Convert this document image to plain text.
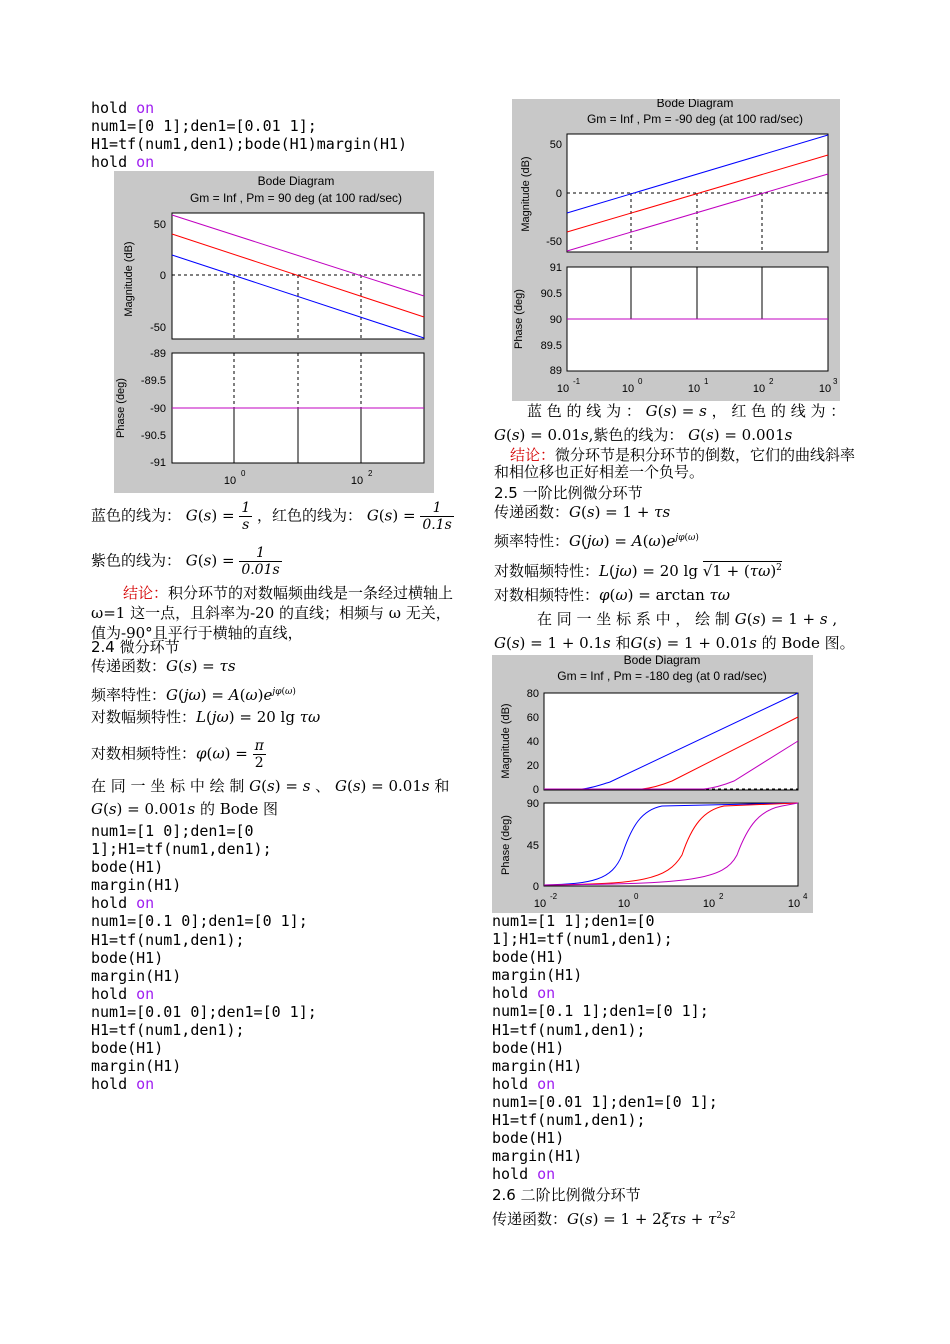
hold on
num1=[0 1];den1=[0.01 1];
H1=tf(num1,den1);bode(H1)margin(H1)
hold on
Bode Diagram
Gm = Inf , Pm = 90 deg (at 100 rad/sec)
50
0
-50
Magnitude (dB)
-89
-89.5
-90
-90.5
-91
Phase (deg)
10
0
10
2
蓝色的线为： $G(s) = \frac{1}{s}$ ，红色的线为： $G(s) = \frac{1}{0.1s}$
紫色的线为： $G(s) = \frac{1}{0.01s}$
结论：积分环节的对数幅频曲线是一条经过横轴上 ω=1 这一点，且斜率为-20 的直线；相频与 ω 无关，值为-90°且平行于横轴的直线，
2.4 微分环节
传递函数：G(s) = τs
频率特性：$G(j\omega) = A(\omega)e^{j\varphi(\omega)}$
对数幅频特性：L(jω) = 20 lg τω
对数相频特性：$\varphi(\omega) = \frac{\pi}{2}$
在 同 一 坐 标 中 绘 制 G(s) = s 、 G(s) = 0.01s 和
G(s) = 0.001s 的 Bode 图
num1=[1 0];den1=[0
1];H1=tf(num1,den1);
bode(H1)
margin(H1)
hold on
num1=[0.1 0];den1=[0 1];
H1=tf(num1,den1);
bode(H1)
margin(H1)
hold on
num1=[0.01 0];den1=[0 1];
H1=tf(num1,den1);
bode(H1)
margin(H1)
hold on
Bode Diagram
Gm = Inf , Pm = -90 deg (at 100 rad/sec)
50
0
-50
Magnitude (dB)
91
90.5
90
89.5
89
Phase (deg)
10
-1
10
0
10
1
10
2
10
3
蓝 色 的 线 为 ： G(s) = s ， 红 色 的 线 为 ：
G(s) = 0.01s,紫色的线为： G(s) = 0.001s
结论：微分环节是积分环节的倒数，它们的曲线斜率和相位移也正好相差一个负号。
2.5 一阶比例微分环节
传递函数：G(s) = 1 + τs
频率特性：$G(j\omega) = A(\omega)e^{j\varphi(\omega)}$
对数幅频特性：L(jω) = 20 $\lg √1 + (\tau\omega)^2$
对数相频特性：φ(ω) = arctan τω
在 同 一 坐 标 系 中 ， 绘 制 G(s) = 1 + s ,
G(s) = 1 + 0.1s 和G(s) = 1 + 0.01s 的 Bode 图。
Bode Diagram
Gm = Inf , Pm = -180 deg (at 0 rad/sec)
80
60
40
20
0
Magnitude (dB)
90
45
0
Phase (deg)
10
-2
10
0
10
2
10
4
num1=[1 1];den1=[0
1];H1=tf(num1,den1);
bode(H1)
margin(H1)
hold on
num1=[0.1 1];den1=[0 1];
H1=tf(num1,den1);
bode(H1)
margin(H1)
hold on
num1=[0.01 1];den1=[0 1];
H1=tf(num1,den1);
bode(H1)
margin(H1)
hold on
2.6 二阶比例微分环节
传递函数：$G(s) = 1 + 2\xi\tau s + \tau^2s^2$
